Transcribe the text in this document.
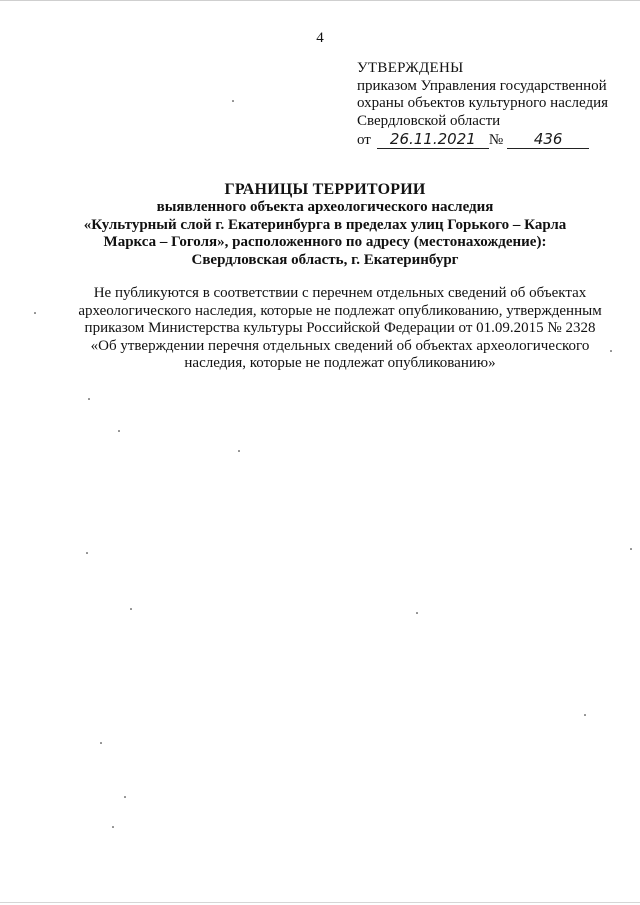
4
УТВЕРЖДЕНЫ
приказом Управления государственной
охраны объектов культурного наследия
Свердловской области
от	26.11.2021 №	436
ГРАНИЦЫ ТЕРРИТОРИИ
выявленного объекта археологического наследия
«Культурный слой г. Екатеринбурга в пределах улиц Горького – Карла
Маркса – Гоголя», расположенного по адресу (местонахождение):
Свердловская область, г. Екатеринбург

Не публикуются в соответствии с перечнем отдельных сведений об объектах

археологического наследия, которые не подлежат опубликованию, утвержденным

приказом Министерства культуры Российской Федерации от 01.09.2015 № 2328

«Об утверждении перечня отдельных сведений об объектах археологического

наследия, которые не подлежат опубликованию»
